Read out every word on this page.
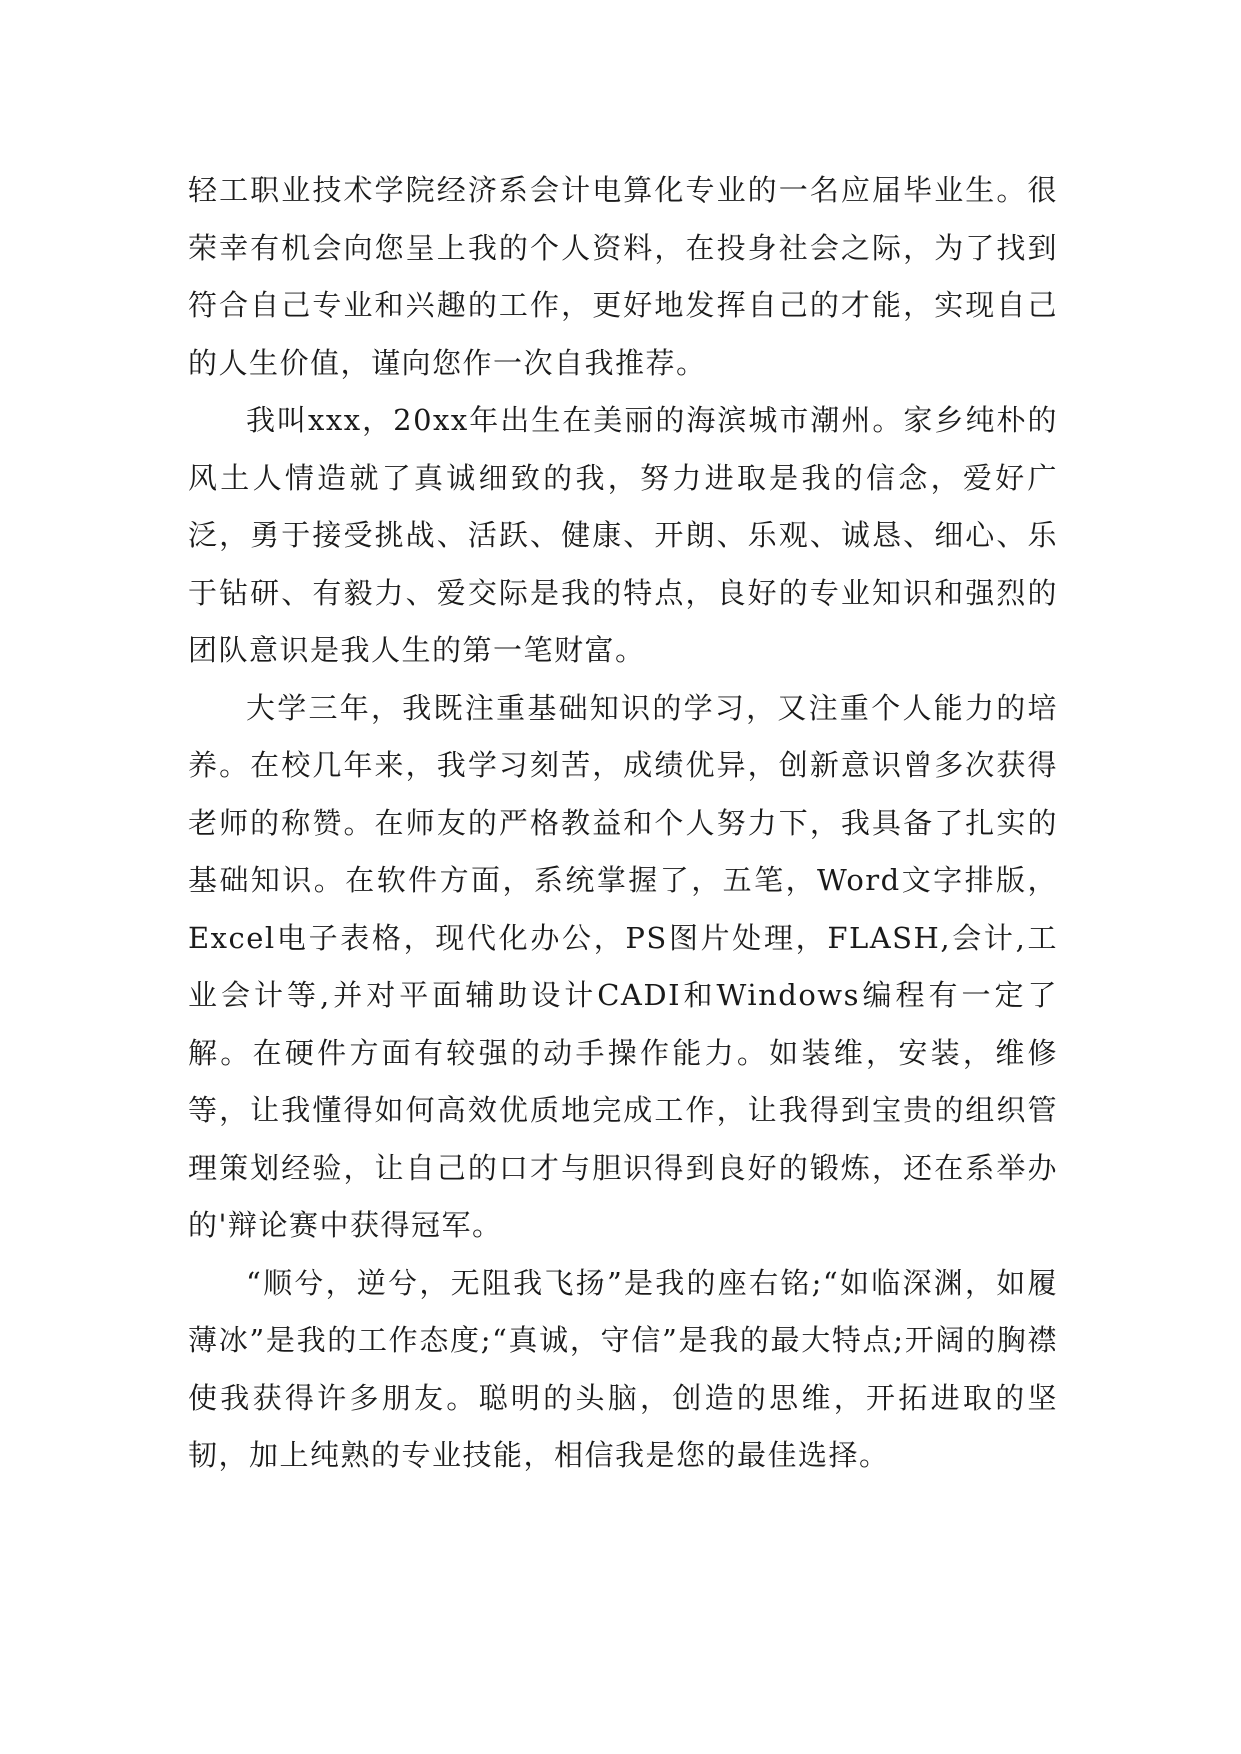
轻工职业技术学院经济系会计电算化专业的一名应届毕业生。很荣幸有机会向您呈上我的个人资料，在投身社会之际，为了找到符合自己专业和兴趣的工作，更好地发挥自己的才能，实现自己的人生价值，谨向您作一次自我推荐。

我叫xxx，20xx年出生在美丽的海滨城市潮州。家乡纯朴的风土人情造就了真诚细致的我，努力进取是我的信念，爱好广泛，勇于接受挑战、活跃、健康、开朗、乐观、诚恳、细心、乐于钻研、有毅力、爱交际是我的特点，良好的专业知识和强烈的团队意识是我人生的第一笔财富。

大学三年，我既注重基础知识的学习，又注重个人能力的培养。在校几年来，我学习刻苦，成绩优异，创新意识曾多次获得老师的称赞。在师友的严格教益和个人努力下，我具备了扎实的基础知识。在软件方面，系统掌握了，五笔，Word文字排版，Excel电子表格，现代化办公，PS图片处理，FLASH,会计,工业会计等,并对平面辅助设计CADI和Windows编程有一定了解。在硬件方面有较强的动手操作能力。如装维，安装，维修等，让我懂得如何高效优质地完成工作，让我得到宝贵的组织管理策划经验，让自己的口才与胆识得到良好的锻炼，还在系举办的'辩论赛中获得冠军。

“顺兮，逆兮，无阻我飞扬”是我的座右铭;“如临深渊，如履薄冰”是我的工作态度;“真诚，守信”是我的最大特点;开阔的胸襟使我获得许多朋友。聪明的头脑，创造的思维，开拓进取的坚韧，加上纯熟的专业技能，相信我是您的最佳选择。
